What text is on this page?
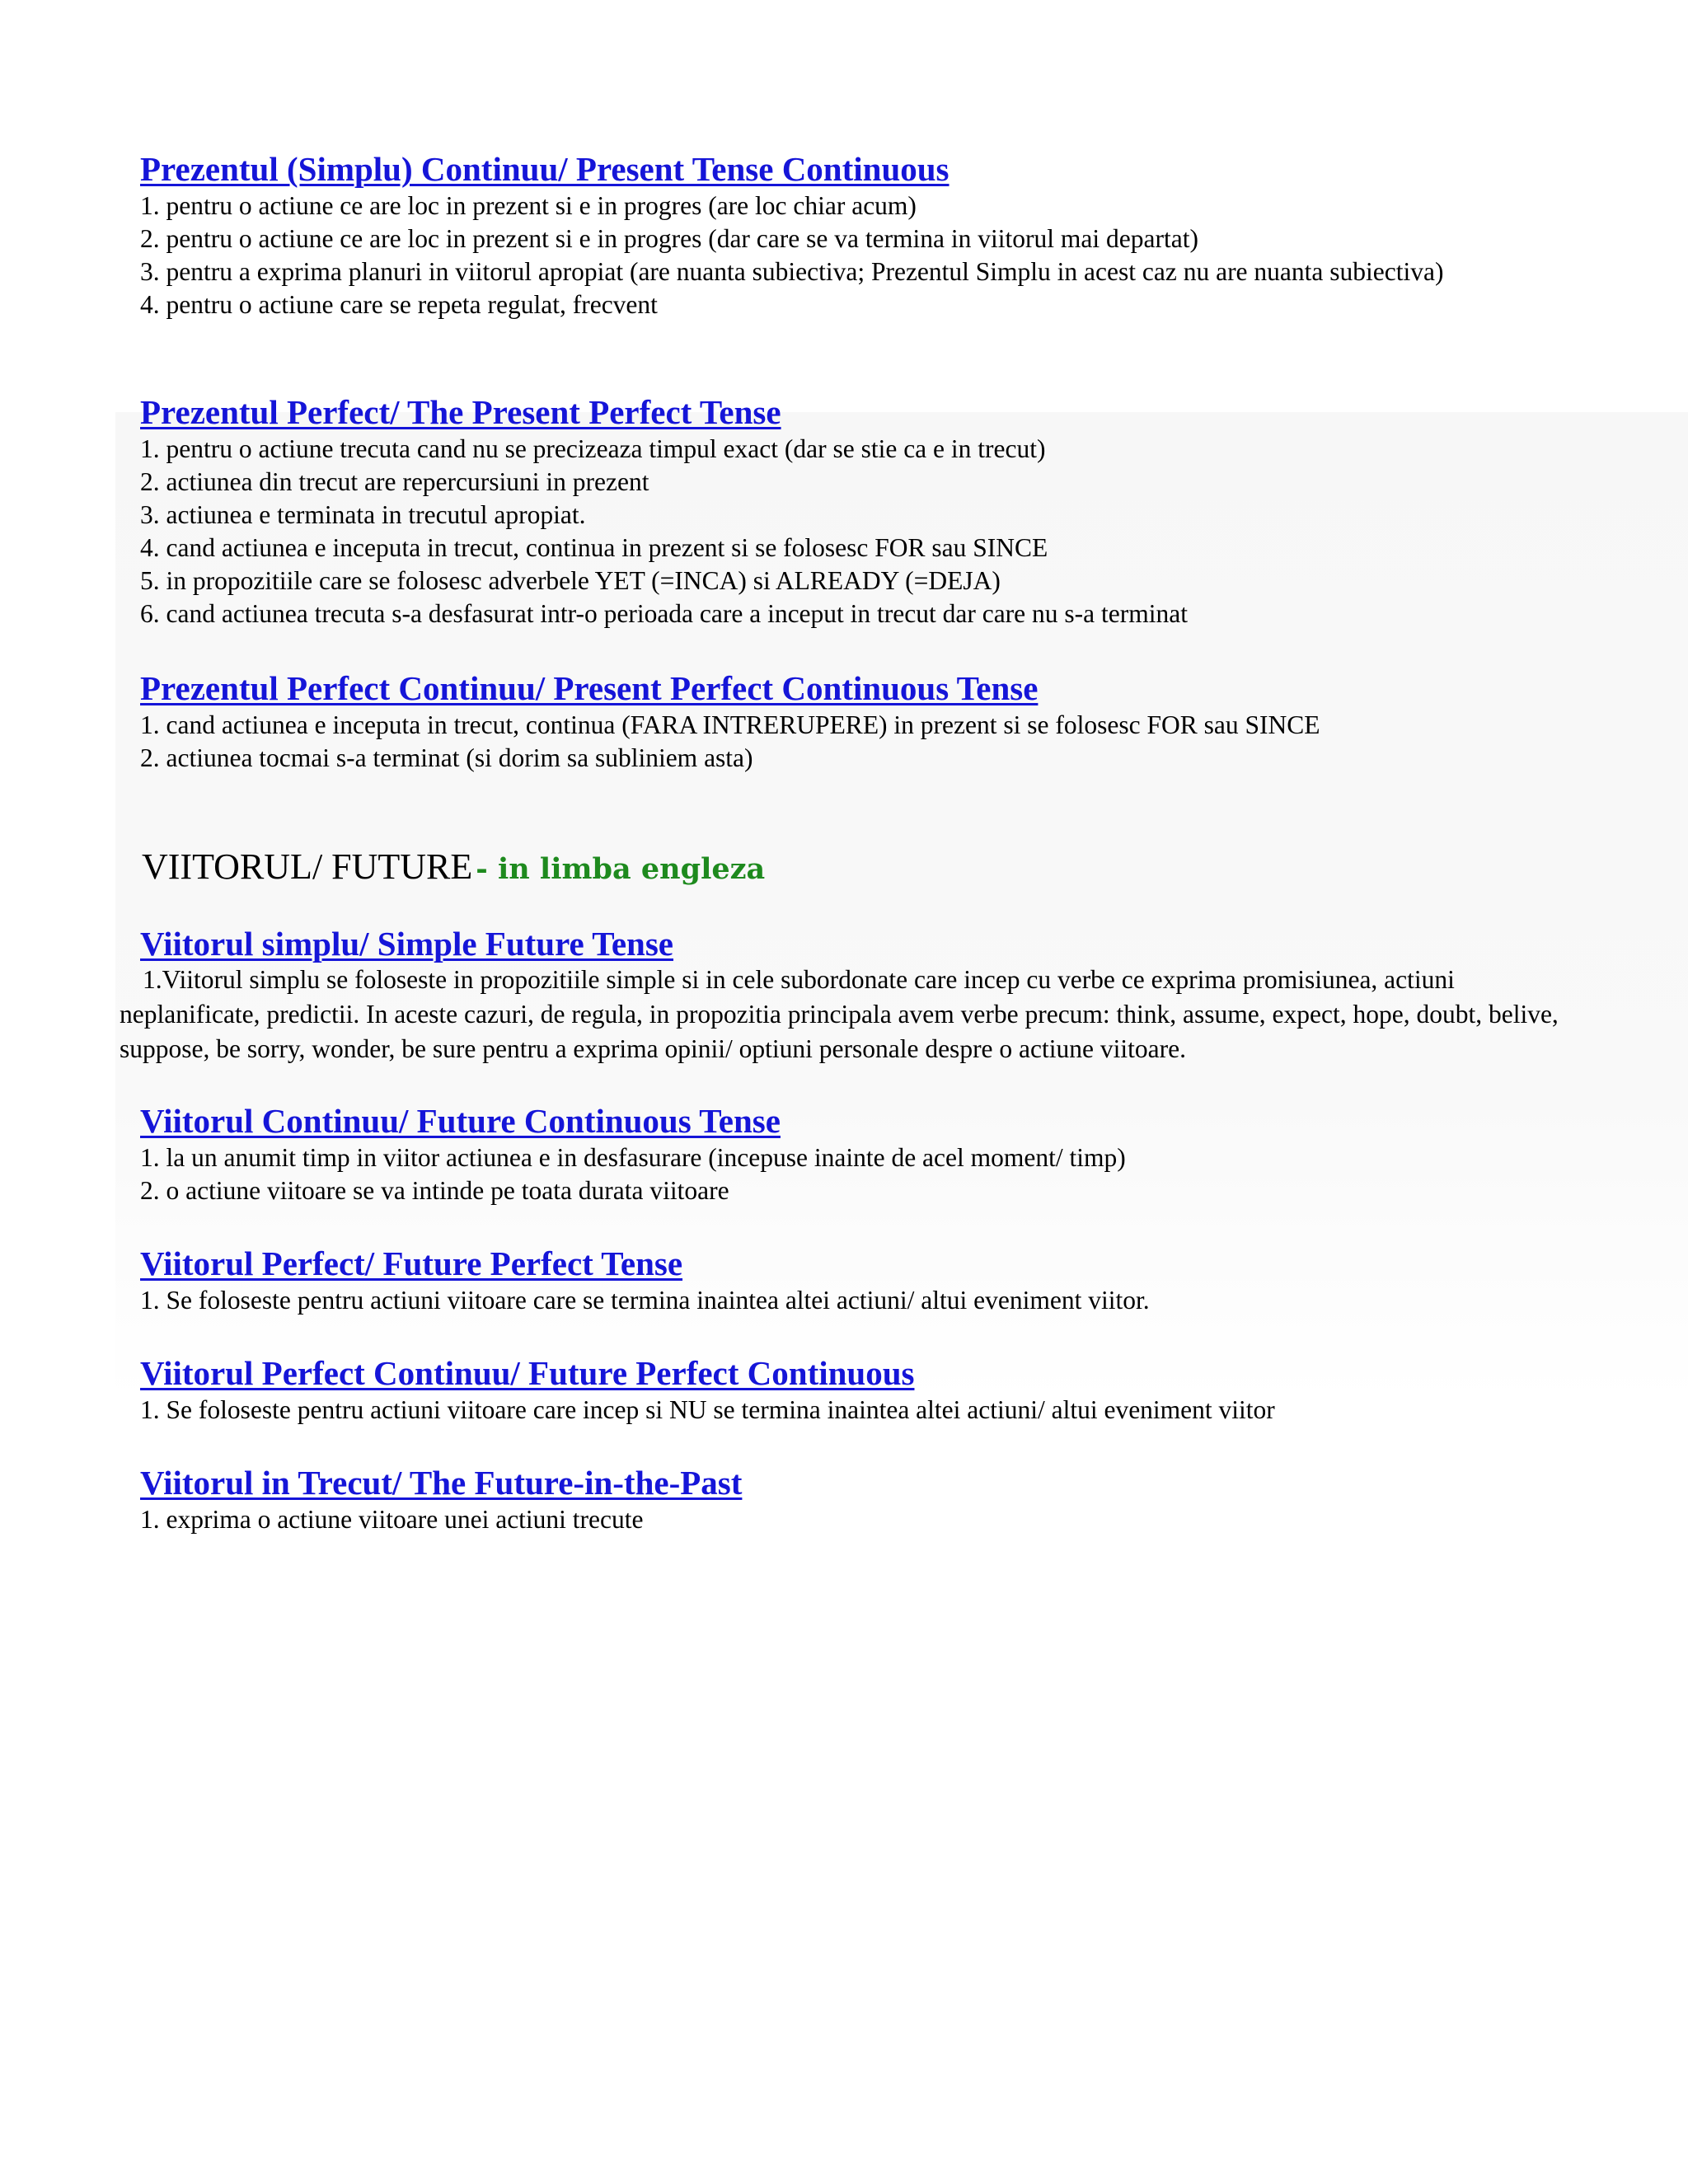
Prezentul (Simplu) Continuu/ Present Tense Continuous

1. pentru o actiune ce are loc in prezent si e in progres (are loc chiar acum)

2. pentru o actiune ce are loc in prezent si e in progres (dar care se va termina in viitorul mai departat)

3. pentru a exprima planuri in viitorul apropiat (are nuanta subiectiva; Prezentul Simplu in acest caz nu are nuanta subiectiva)

4. pentru o actiune care se repeta regulat, frecvent

Prezentul Perfect/ The Present Perfect Tense

1. pentru o actiune trecuta cand nu se precizeaza timpul exact (dar se stie ca e in trecut)

2. actiunea din trecut are repercursiuni in prezent

3. actiunea e terminata in trecutul apropiat.

4. cand actiunea e inceputa in trecut, continua in prezent si se folosesc FOR sau SINCE

5. in propozitiile care se folosesc adverbele YET (=INCA) si ALREADY (=DEJA)

6. cand actiunea trecuta s-a desfasurat intr-o perioada care a inceput in trecut dar care nu s-a terminat

Prezentul Perfect Continuu/ Present Perfect Continuous Tense

1. cand actiunea e inceputa in trecut, continua (FARA INTRERUPERE) in prezent si se folosesc FOR sau SINCE

2. actiunea tocmai s-a terminat (si dorim sa subliniem asta)

VIITORUL/ FUTURE - in limba engleza
Viitorul simplu/ Simple Future Tense

1.Viitorul simplu se foloseste in propozitiile simple si in cele subordonate care incep cu verbe ce exprima promisiunea, actiuni neplanificate, predictii. In aceste cazuri, de regula, in propozitia principala avem verbe precum: think, assume, expect, hope, doubt, belive, suppose, be sorry, wonder, be sure pentru a exprima opinii/ optiuni personale despre o actiune viitoare.

Viitorul Continuu/ Future Continuous Tense

1. la un anumit timp in viitor actiunea e in desfasurare (incepuse inainte de acel moment/ timp)

2. o actiune viitoare se va intinde pe toata durata viitoare

Viitorul Perfect/ Future Perfect Tense

1. Se foloseste pentru actiuni viitoare care se termina inaintea altei actiuni/ altui eveniment viitor.

Viitorul Perfect Continuu/ Future Perfect Continuous

1. Se foloseste pentru actiuni viitoare care incep si NU se termina inaintea altei actiuni/ altui eveniment viitor

Viitorul in Trecut/ The Future-in-the-Past

1. exprima o actiune viitoare unei actiuni trecute
